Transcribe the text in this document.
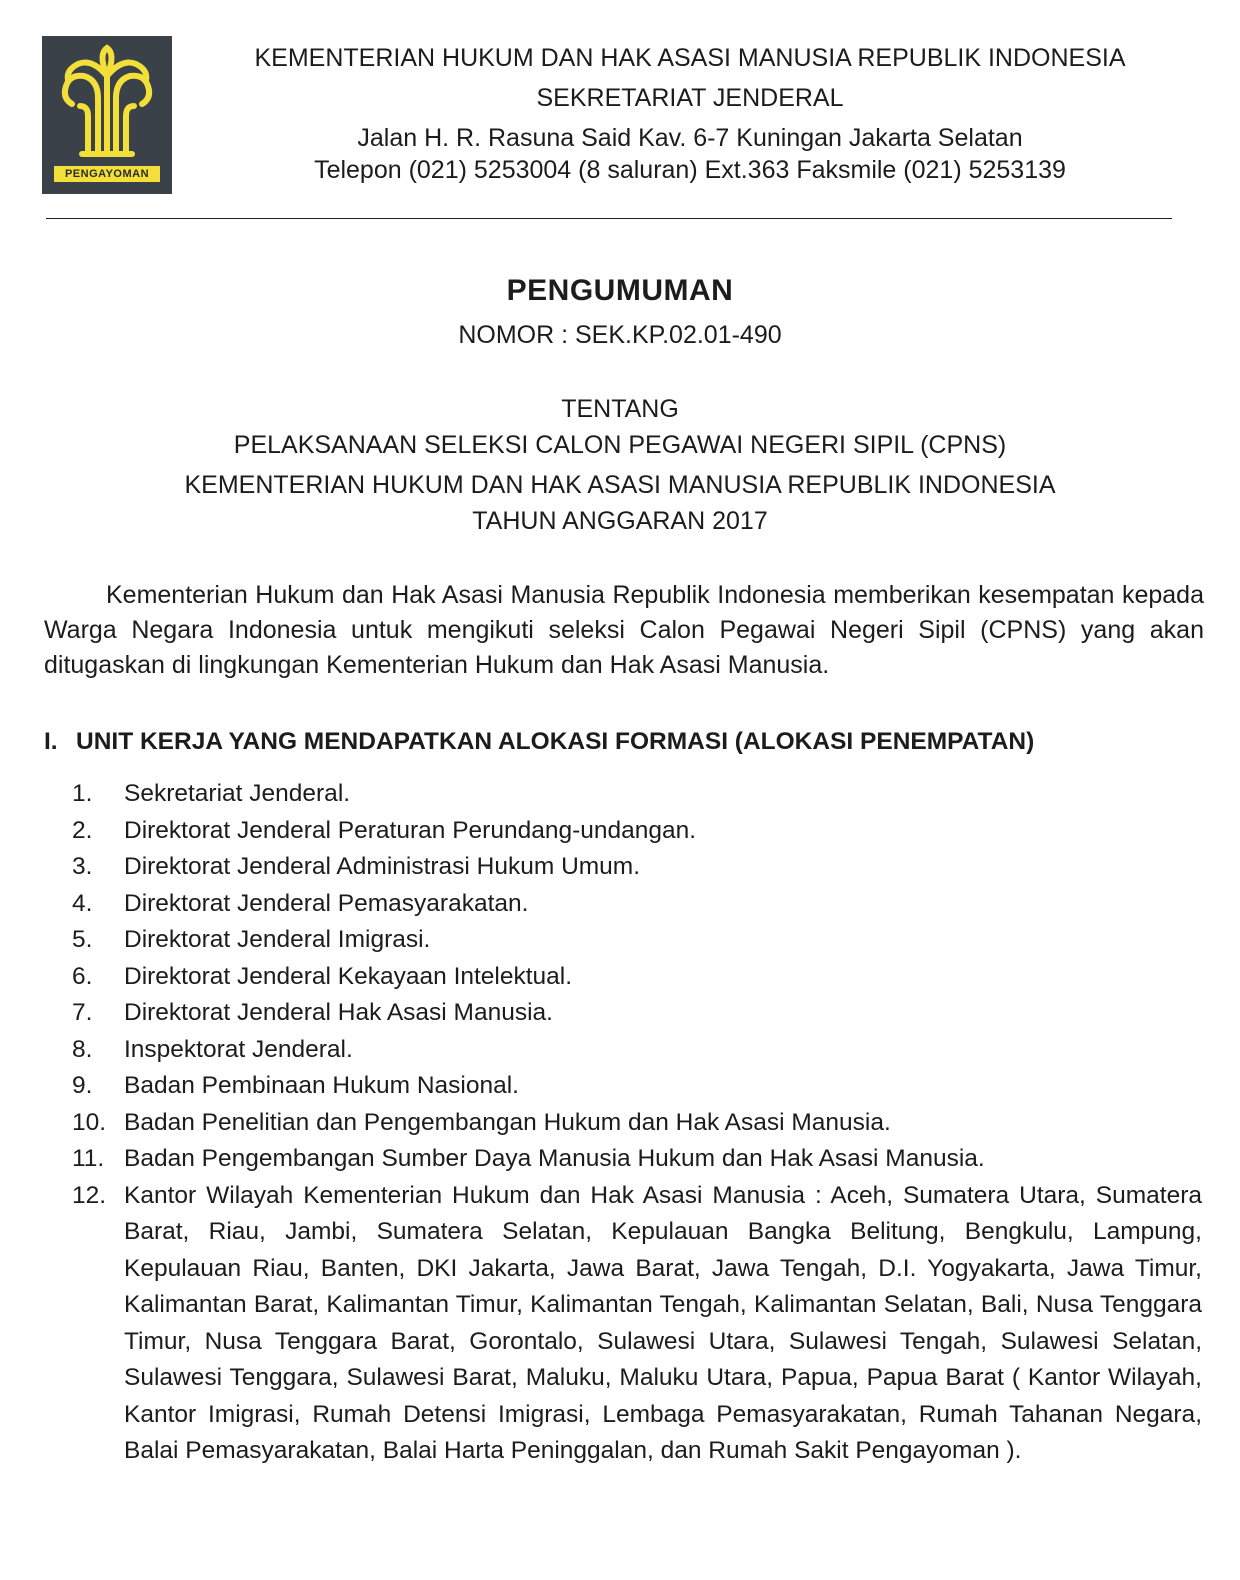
PENGAYOMAN
KEMENTERIAN HUKUM DAN HAK ASASI MANUSIA REPUBLIK INDONESIA
SEKRETARIAT JENDERAL
Jalan H. R. Rasuna Said Kav. 6-7 Kuningan Jakarta Selatan
Telepon (021) 5253004 (8 saluran) Ext.363 Faksmile (021) 5253139
PENGUMUMAN
NOMOR : SEK.KP.02.01-490
TENTANG
PELAKSANAAN SELEKSI CALON PEGAWAI NEGERI SIPIL (CPNS)
KEMENTERIAN HUKUM DAN HAK ASASI MANUSIA REPUBLIK INDONESIA
TAHUN ANGGARAN 2017
Kementerian Hukum dan Hak Asasi Manusia Republik Indonesia memberikan kesempatan kepada Warga Negara Indonesia untuk mengikuti seleksi Calon Pegawai Negeri Sipil (CPNS) yang akan ditugaskan di lingkungan Kementerian Hukum dan Hak Asasi Manusia.
I. UNIT KERJA YANG MENDAPATKAN ALOKASI FORMASI (ALOKASI PENEMPATAN)
1.	Sekretariat Jenderal.
2.	Direktorat Jenderal Peraturan Perundang-undangan.
3.	Direktorat Jenderal Administrasi Hukum Umum.
4.	Direktorat Jenderal Pemasyarakatan.
5.	Direktorat Jenderal Imigrasi.
6.	Direktorat Jenderal Kekayaan Intelektual.
7.	Direktorat Jenderal Hak Asasi Manusia.
8.	Inspektorat Jenderal.
9.	Badan Pembinaan Hukum Nasional.
10. Badan Penelitian dan Pengembangan Hukum dan Hak Asasi Manusia.
11. Badan Pengembangan Sumber Daya Manusia Hukum dan Hak Asasi Manusia.
12. Kantor Wilayah Kementerian Hukum dan Hak Asasi Manusia : Aceh, Sumatera Utara, Sumatera Barat, Riau, Jambi, Sumatera Selatan, Kepulauan Bangka Belitung, Bengkulu, Lampung, Kepulauan Riau, Banten, DKI Jakarta, Jawa Barat, Jawa Tengah, D.I. Yogyakarta, Jawa Timur, Kalimantan Barat, Kalimantan Timur, Kalimantan Tengah, Kalimantan Selatan, Bali, Nusa Tenggara Timur, Nusa Tenggara Barat, Gorontalo, Sulawesi Utara, Sulawesi Tengah, Sulawesi Selatan, Sulawesi Tenggara, Sulawesi Barat, Maluku, Maluku Utara, Papua, Papua Barat ( Kantor Wilayah, Kantor Imigrasi, Rumah Detensi Imigrasi, Lembaga Pemasyarakatan, Rumah Tahanan Negara, Balai Pemasyarakatan, Balai Harta Peninggalan, dan Rumah Sakit Pengayoman ).
